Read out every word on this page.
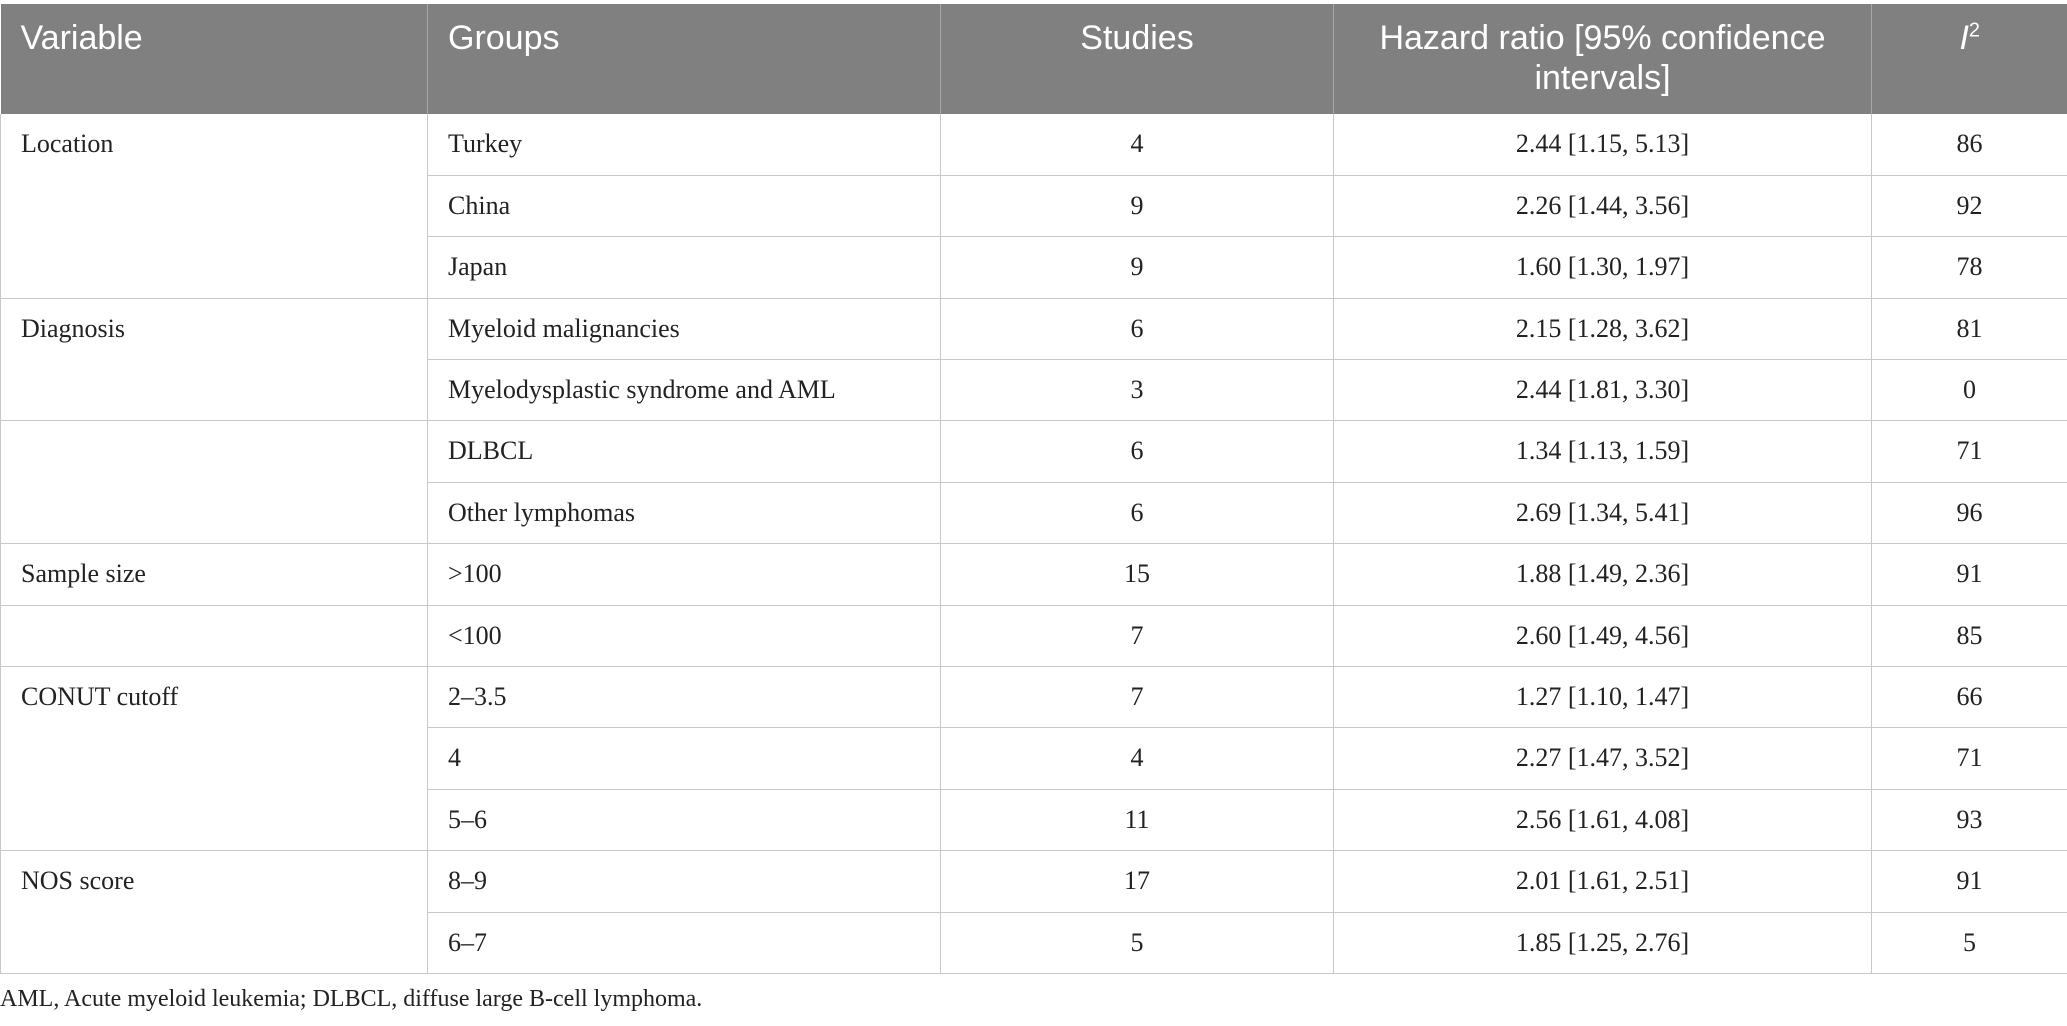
Variable	Groups	Studies	Hazard ratio [95% confidence intervals]	$I^2$
Location	Turkey	4	2.44 [1.15, 5.13]	86
	China	9	2.26 [1.44, 3.56]	92
	Japan	9	1.60 [1.30, 1.97]	78
Diagnosis	Myeloid malignancies	6	2.15 [1.28, 3.62]	81
	Myelodysplastic syndrome and AML	3	2.44 [1.81, 3.30]	0
	DLBCL	6	1.34 [1.13, 1.59]	71
	Other lymphomas	6	2.69 [1.34, 5.41]	96
Sample size	>100	15	1.88 [1.49, 2.36]	91
	<100	7	2.60 [1.49, 4.56]	85
CONUT cutoff	2–3.5	7	1.27 [1.10, 1.47]	66
	4	4	2.27 [1.47, 3.52]	71
	5–6	11	2.56 [1.61, 4.08]	93
NOS score	8–9	17	2.01 [1.61, 2.51]	91
	6–7	5	1.85 [1.25, 2.76]	5
AML, Acute myeloid leukemia; DLBCL, diffuse large B-cell lymphoma.
